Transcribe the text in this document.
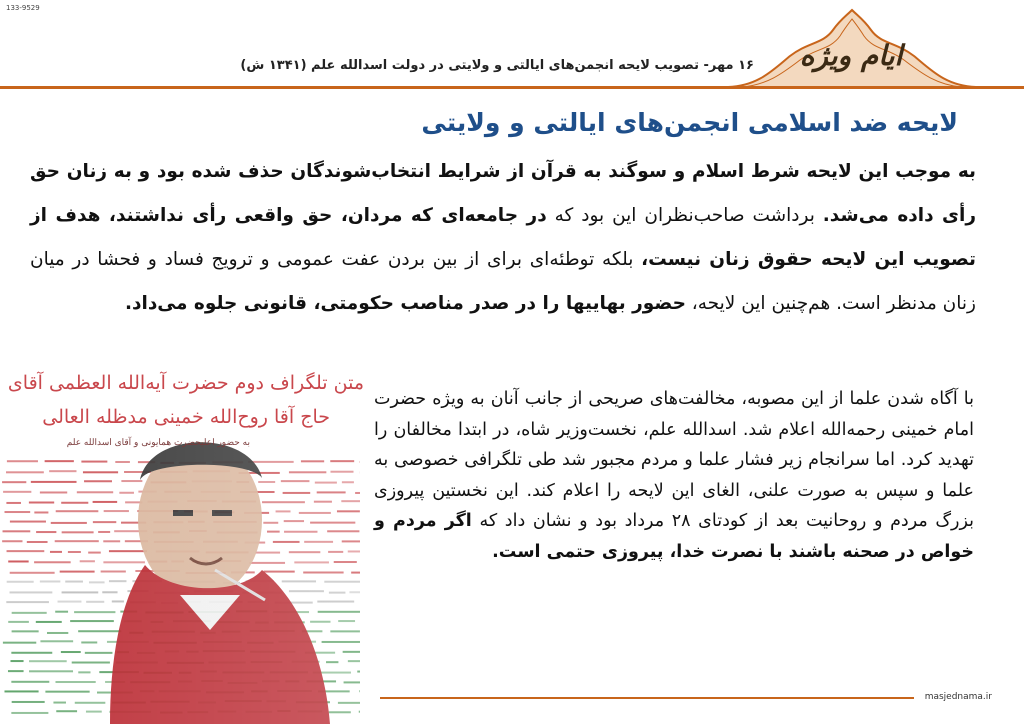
133-9529
ایام ویژه
۱۶ مهر- تصویب لایحه انجمن‌های ایالتی و ولایتی در دولت اسدالله علم (۱۳۴۱ ش)
لایحه ضد اسلامی انجمن‌های ایالتی و ولایتی
به موجب این لایحه شرط اسلام و سوگند به قرآن از شرایط انتخاب‌شوندگان حذف شده بود و به زنان حق رأی داده می‌شد. برداشت صاحب‌نظران این بود که در جامعه‌ای که مردان، حق واقعی رأی نداشتند، هدف از تصویب این لایحه حقوق زنان نیست، بلکه توطئه‌ای برای از بین بردن عفت عمومی و ترویج فساد و فحشا در میان زنان مدنظر است. هم‌چنین این لایحه، حضور بهاییها را در صدر مناصب حکومتی، قانونی جلوه می‌داد.
متن تلگراف دوم حضرت آیه‌الله العظمی آقای
حاج آقا روح‌الله خمینی مدظله العالی
به حضور اعلیحضرت همایونی و آقای اسدالله علم
با آگاه شدن علما از این مصوبه، مخالفت‌های صریحی از جانب آنان به ویژه حضرت امام خمینی رحمه‌الله اعلام شد. اسدالله علم، نخست‌وزیر شاه، در ابتدا مخالفان را تهدید کرد. اما سرانجام زیر فشار علما و مردم مجبور شد طی تلگرافی خصوصی به علما و سپس به صورت علنی، الغای این لایحه را اعلام کند. این نخستین پیروزی بزرگ مردم و روحانیت بعد از کودتای ۲۸ مرداد بود و نشان داد که اگر مردم و خواص در صحنه باشند با نصرت خدا، پیروزی حتمی است.
masjednama.ir
